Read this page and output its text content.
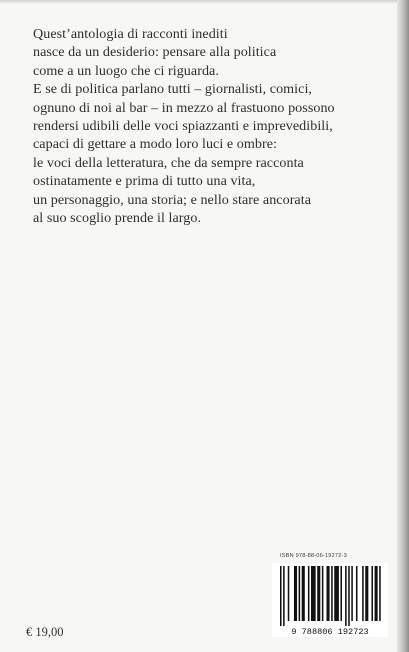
Quest’antologia di racconti inediti
nasce da un desiderio: pensare alla politica
come a un luogo che ci riguarda.
E se di politica parlano tutti – giornalisti, comici,
ognuno di noi al bar – in mezzo al frastuono possono
rendersi udibili delle voci spiazzanti e imprevedibili,
capaci di gettare a modo loro luci e ombre:
le voci della letteratura, che da sempre racconta
ostinatamente e prima di tutto una vita,
un personaggio, una storia; e nello stare ancorata
al suo scoglio prende il largo.
ISBN 978-88-06-19272-3
9 788806 192723
€ 19,00
